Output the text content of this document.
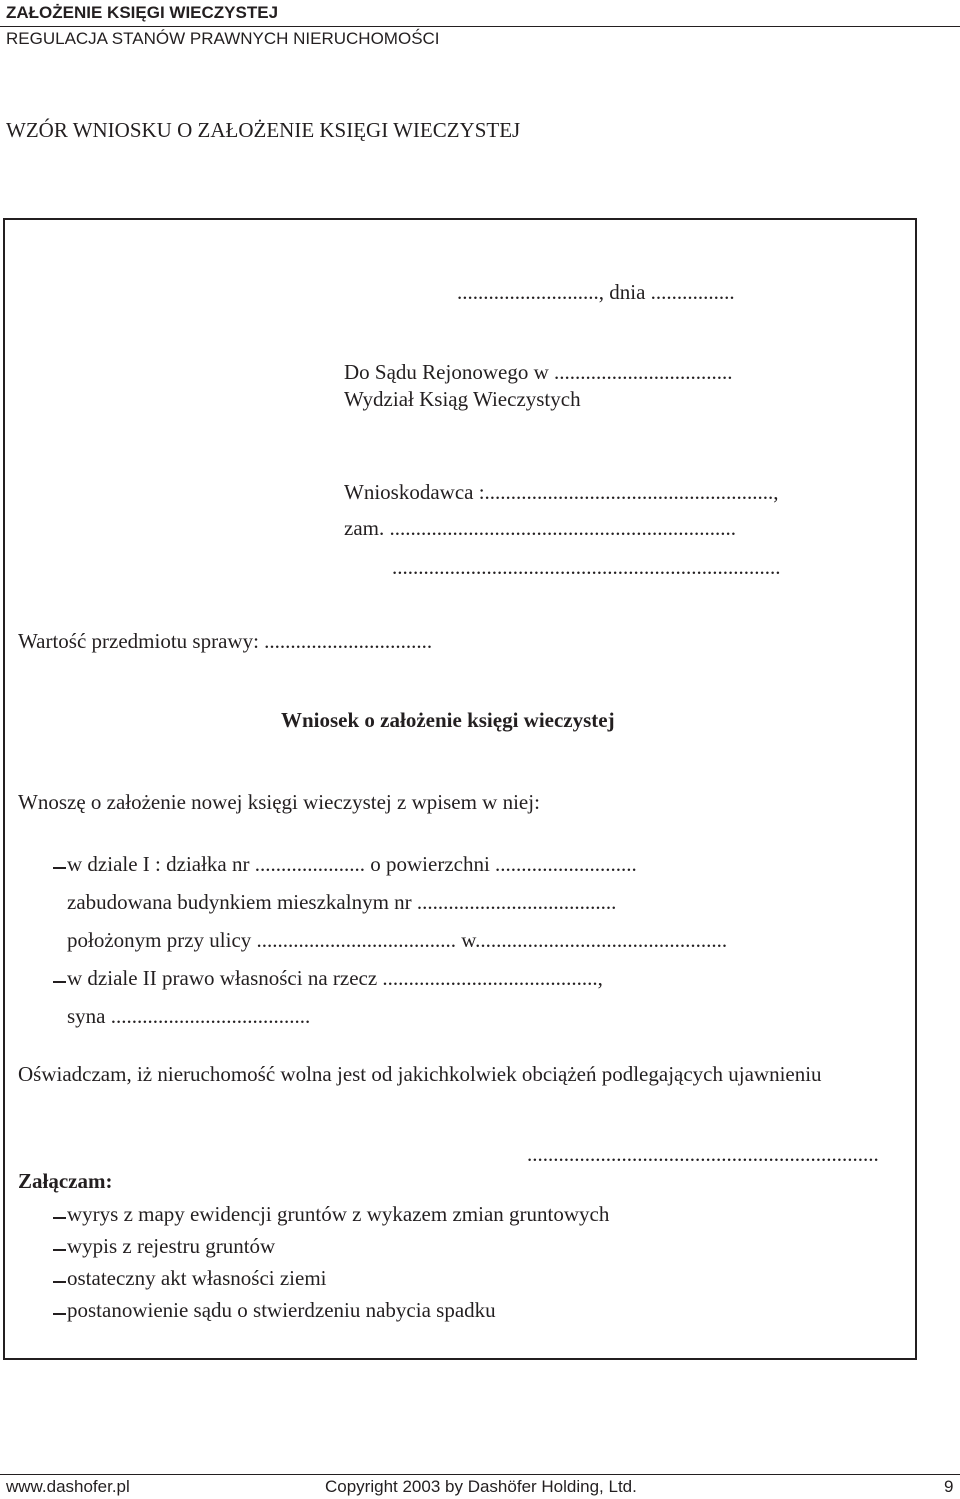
ZAŁOŻENIE KSIĘGI WIECZYSTEJ
REGULACJA STANÓW PRAWNYCH NIERUCHOMOŚCI
WZÓR WNIOSKU O ZAŁOŻENIE KSIĘGI WIECZYSTEJ
..........................., dnia ................
Do Sądu Rejonowego w ..................................
Wydział Ksiąg Wieczystych
Wnioskodawca :.......................................................,
zam. ..................................................................
..........................................................................
Wartość przedmiotu sprawy: ................................
Wniosek o założenie księgi wieczystej
Wnoszę o założenie nowej księgi wieczystej z wpisem w niej:
w dziale I : działka nr ..................... o powierzchni ...........................
zabudowana budynkiem mieszkalnym nr ......................................
położonym przy ulicy ...................................... w................................................
w dziale II prawo własności na rzecz .........................................,
syna ......................................
Oświadczam, iż nieruchomość wolna jest od jakichkolwiek obciążeń podlegających ujawnieniu
...................................................................
Załączam:
wyrys z mapy ewidencji gruntów z wykazem zmian gruntowych
wypis z rejestru gruntów
ostateczny akt własności ziemi
postanowienie sądu o stwierdzeniu nabycia spadku
www.dashofer.pl	Copyright 2003 by Dashöfer Holding, Ltd.	9
